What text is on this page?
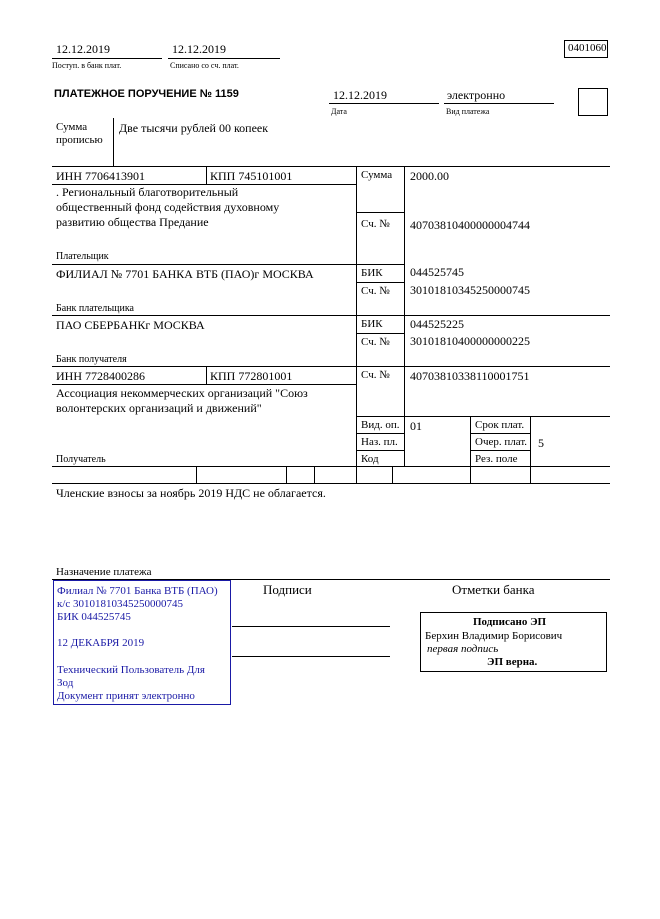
12.12.2019
Поступ. в банк плат.
12.12.2019
Списано со сч. плат.
0401060
ПЛАТЕЖНОЕ ПОРУЧЕНИЕ № 1159	12.12.2019
Дата
электронно
Вид платежа
Сумма
прописью
Две тысячи рублей 00 копеек
ИНН 7706413901	КПП 745101001
. Региональный благотворительный общественный фонд содействия духовному развитию общества Предание
Плательщик
ФИЛИАЛ № 7701 БАНКА ВТБ (ПАО)г МОСКВА
Банк плательщика
ПАО СБЕРБАНКг МОСКВА
Банк получателя
ИНН 7728400286	КПП 772801001
Ассоциация некоммерческих организаций "Союз волонтерских организаций и движений"
Получатель
Сумма 2000.00
Сч. № 40703810400000004744
БИК 044525745
Сч. № 30101810345250000745
БИК 044525225
Сч. № 30101810400000000225
Сч. № 40703810338110001751
Вид. оп. 01
Наз. пл.
Код
Срок плат.
Очер. плат. 5
Рез. поле
Членские взносы за ноябрь 2019 НДС не облагается.
Назначение платежа
Филиал № 7701 Банка ВТБ (ПАО)
к/с 30101810345250000745
БИК 044525745
12 ДЕКАБРЯ 2019
Технический Пользователь Для
Зод
Документ принят электронно
Подписи	Отметки банка
Подписано ЭП
Берхин Владимир Борисович
первая подпись
ЭП верна.
